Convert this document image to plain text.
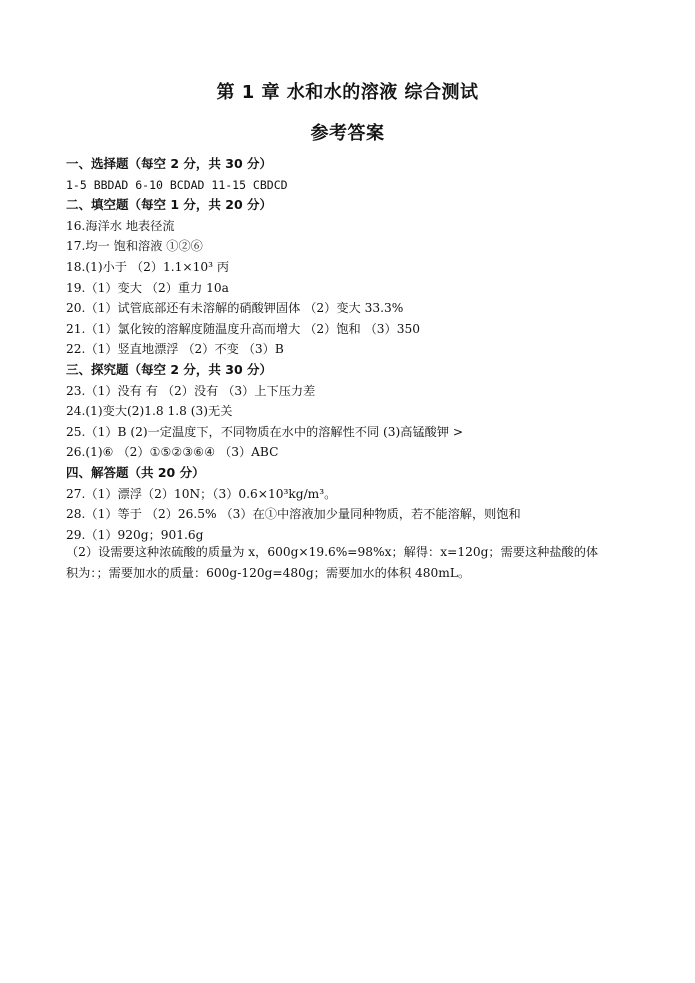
第 1 章 水和水的溶液 综合测试
参考答案
一、选择题（每空 2 分，共 30 分）
1-5 BBDAD 6-10 BCDAD 11-15 CBDCD
二、填空题（每空 1 分，共 20 分）
16.海洋水 地表径流
17.均一 饱和溶液 ①②⑥
18.(1)小于 （2）1.1×10³ 丙
19.（1）变大 （2）重力 10a
20.（1）试管底部还有未溶解的硝酸钾固体 （2）变大 33.3%
21.（1）氯化铵的溶解度随温度升高而增大 （2）饱和 （3）350
22.（1）竖直地漂浮 （2）不变 （3）B
三、探究题（每空 2 分，共 30 分）
23.（1）没有 有 （2）没有 （3）上下压力差
24.(1)变大(2)1.8 1.8 (3)无关
25.（1）B (2)一定温度下，不同物质在水中的溶解性不同 (3)高锰酸钾 >
26.(1)⑥ （2）①⑤②③⑥④ （3）ABC
四、解答题（共 20 分）
27.（1）漂浮（2）10N；（3）0.6×10³kg/m³。
28.（1）等于 （2）26.5% （3）在①中溶液加少量同种物质，若不能溶解，则饱和
29.（1）920g；901.6g
（2）设需要这种浓硫酸的质量为 x，600g×19.6%=98%x；解得：x=120g；需要这种盐酸的体
积为：；需要加水的质量：600g-120g=480g；需要加水的体积 480mL。
